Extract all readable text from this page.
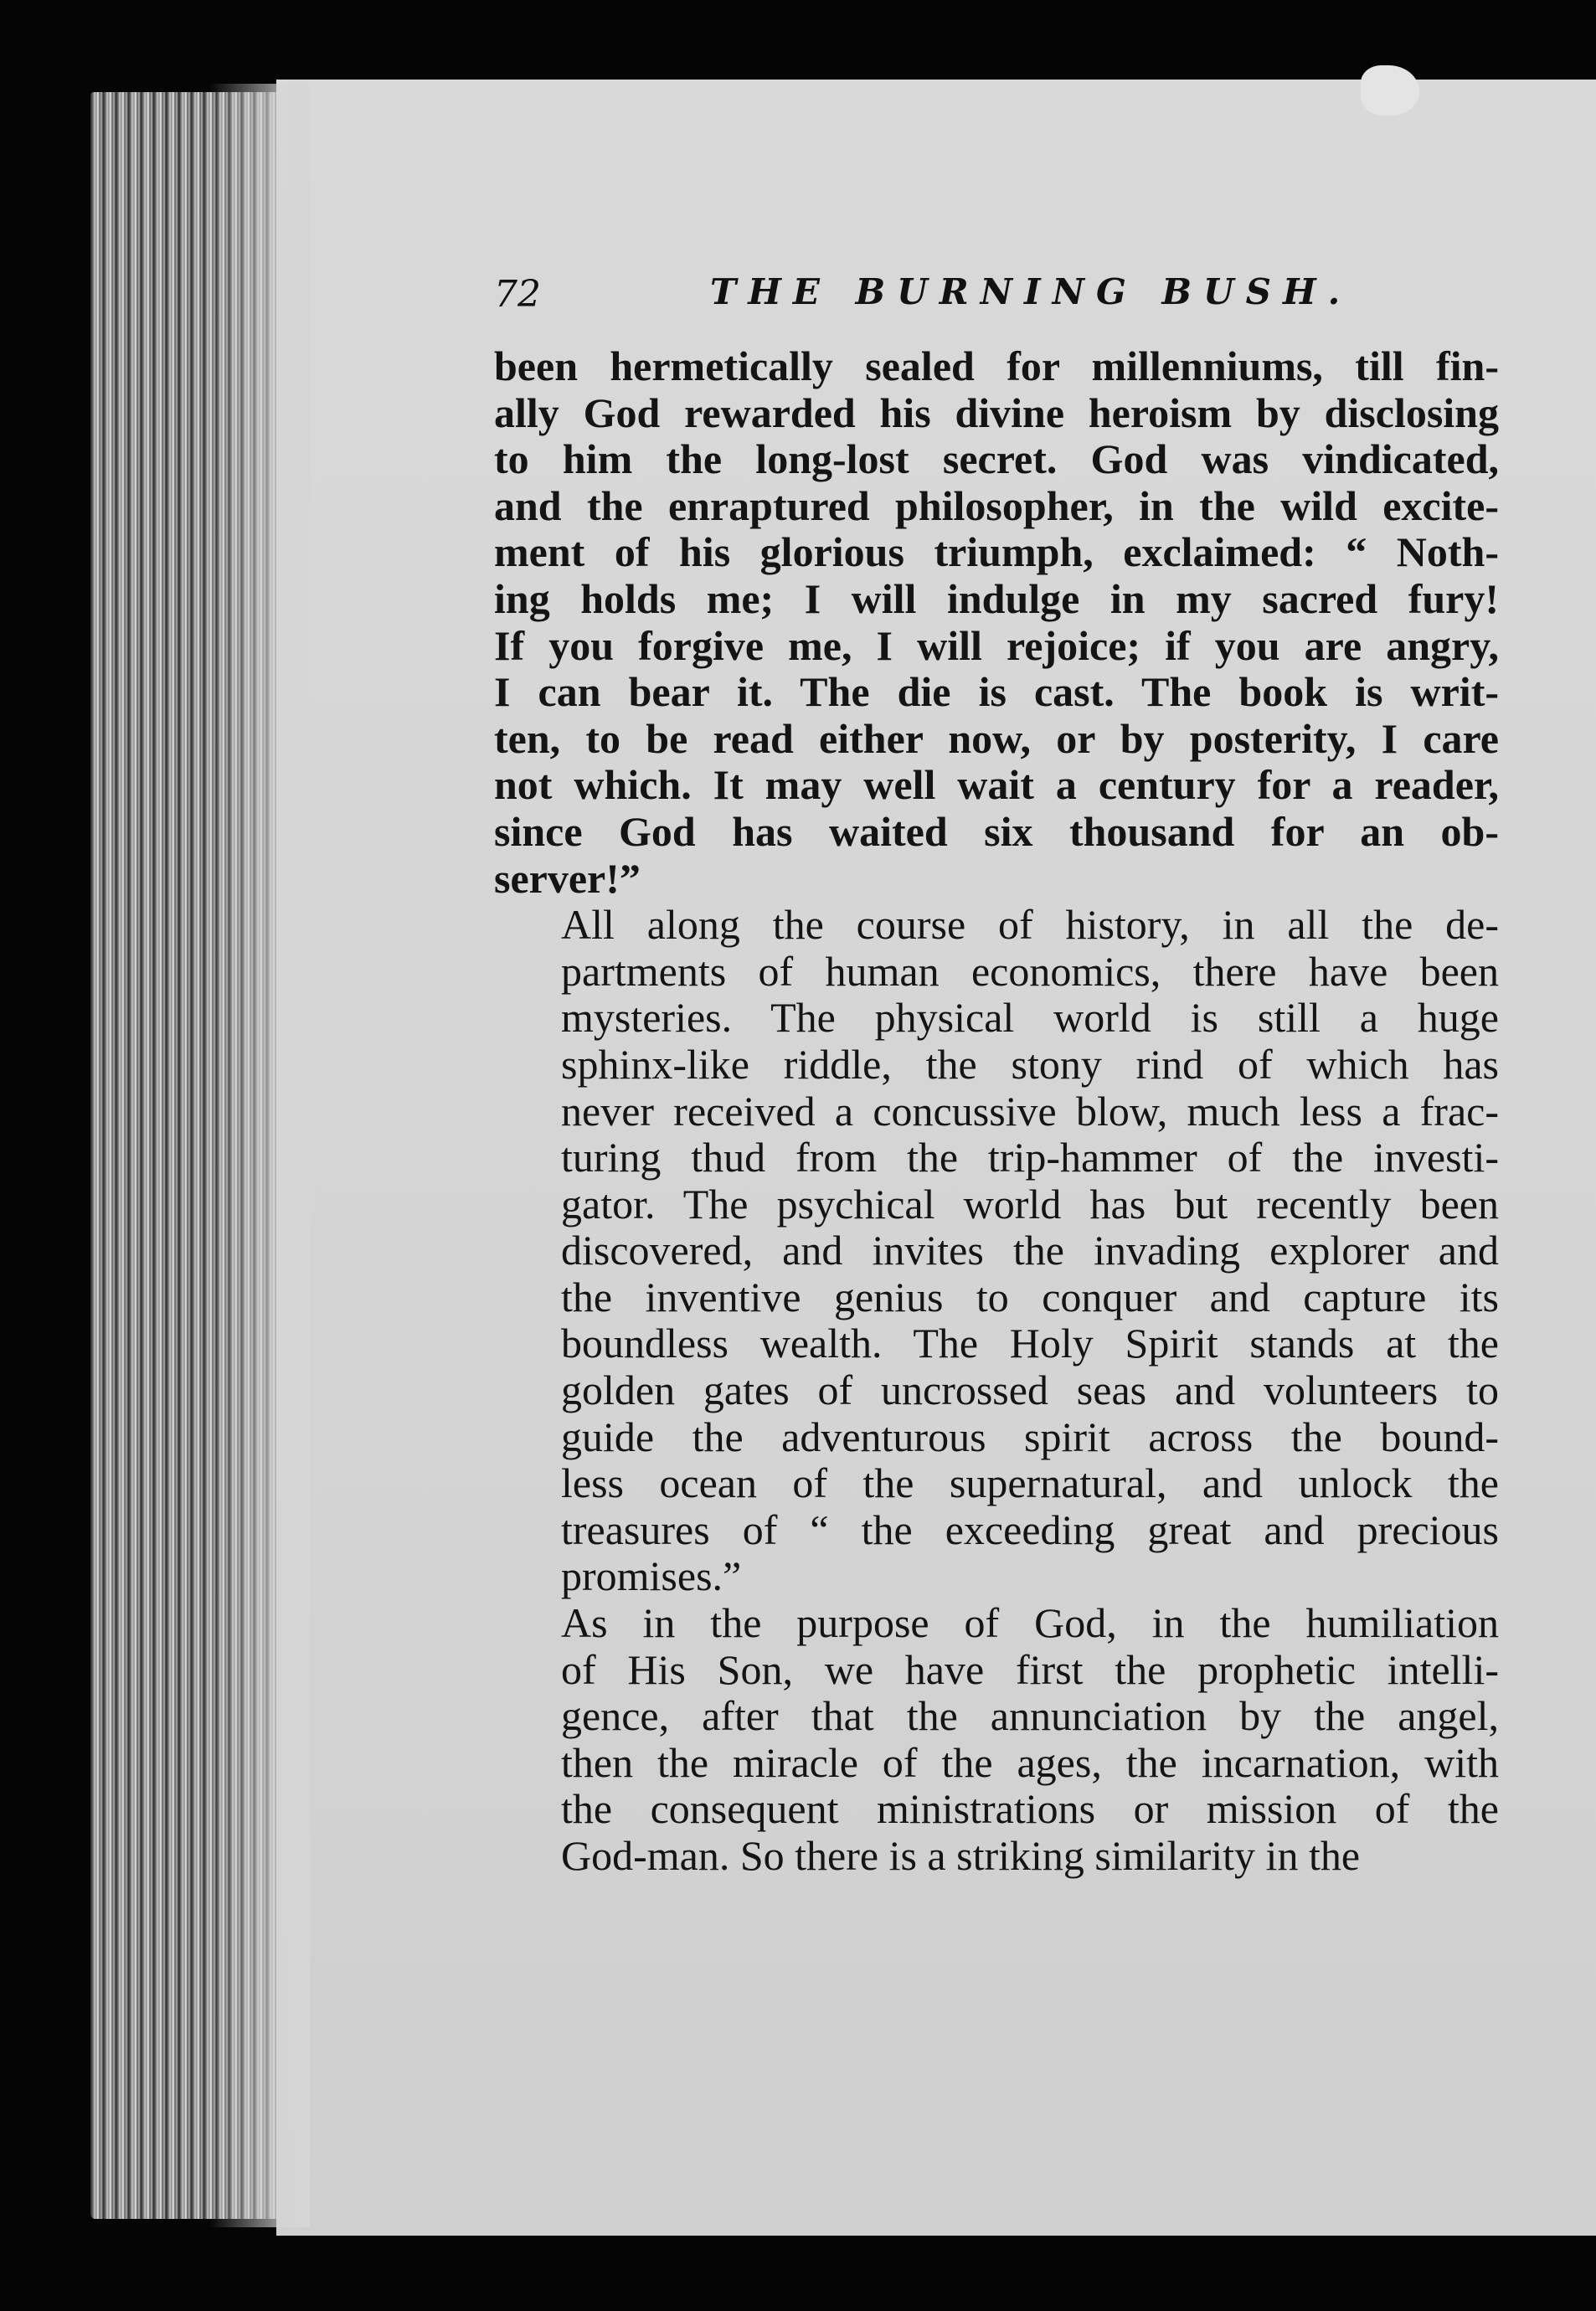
72	THE BURNING BUSH.

been hermetically sealed for millenniums, till fin-
ally God rewarded his divine heroism by disclosing
to him the long-lost secret. God was vindicated,
and the enraptured philosopher, in the wild excite-
ment of his glorious triumph, exclaimed: “ Noth-
ing holds me; I will indulge in my sacred fury!
If you forgive me, I will rejoice; if you are angry,
I can bear it. The die is cast. The book is writ-
ten, to be read either now, or by posterity, I care
not which. It may well wait a century for a reader,
since God has waited six thousand for an ob-
server!”

All along the course of history, in all the de-
partments of human economics, there have been
mysteries. The physical world is still a huge
sphinx-like riddle, the stony rind of which has
never received a concussive blow, much less a frac-
turing thud from the trip-hammer of the investi-
gator. The psychical world has but recently been
discovered, and invites the invading explorer and
the inventive genius to conquer and capture its
boundless wealth. The Holy Spirit stands at the
golden gates of uncrossed seas and volunteers to
guide the adventurous spirit across the bound-
less ocean of the supernatural, and unlock the
treasures of “ the exceeding great and precious
promises.”

As in the purpose of God, in the humiliation
of His Son, we have first the prophetic intelli-
gence, after that the annunciation by the angel,
then the miracle of the ages, the incarnation, with
the consequent ministrations or mission of the
God-man. So there is a striking similarity in the
